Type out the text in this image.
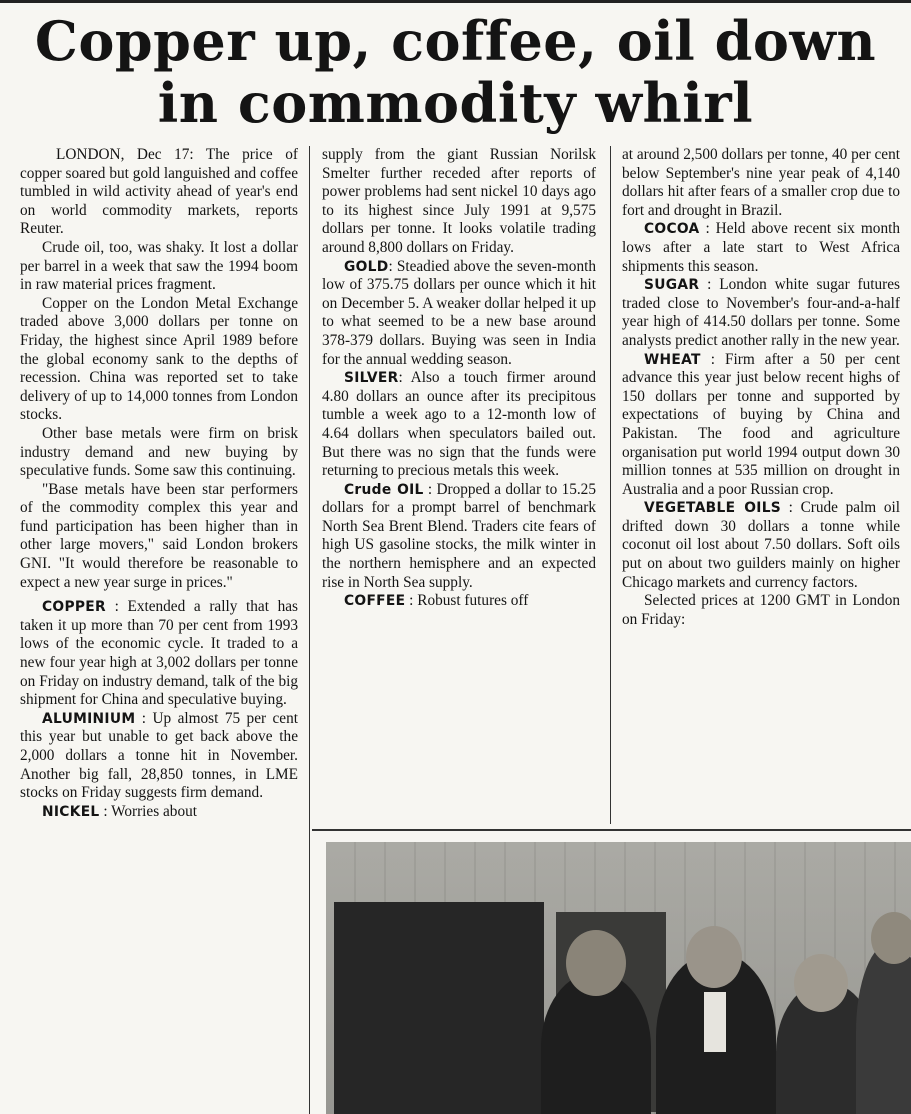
Copper up, coffee, oil down
in commodity whirl

LONDON, Dec 17: The price of copper soared but gold languished and coffee tumbled in wild activity ahead of year's end on world commodity markets, reports Reuter.

Crude oil, too, was shaky. It lost a dollar per barrel in a week that saw the 1994 boom in raw material prices fragment.

Copper on the London Metal Exchange traded above 3,000 dollars per tonne on Friday, the highest since April 1989 before the global economy sank to the depths of recession. China was reported set to take delivery of up to 14,000 tonnes from London stocks.

Other base metals were firm on brisk industry demand and new buying by speculative funds. Some saw this continuing.

"Base metals have been star performers of the commodity complex this year and fund participation has been higher than in other large movers," said London brokers GNI. "It would therefore be reasonable to expect a new year surge in prices."

COPPER : Extended a rally that has taken it up more than 70 per cent from 1993 lows of the economic cycle. It traded to a new four year high at 3,002 dollars per tonne on Friday on industry demand, talk of the big shipment for China and speculative buying.

ALUMINIUM : Up almost 75 per cent this year but unable to get back above the 2,000 dollars a tonne hit in November. Another big fall, 28,850 tonnes, in LME stocks on Friday suggests firm demand.

NICKEL : Worries about

supply from the giant Russian Norilsk Smelter further receded after reports of power problems had sent nickel 10 days ago to its highest since July 1991 at 9,575 dollars per tonne. It looks volatile trading around 8,800 dollars on Friday.

GOLD: Steadied above the seven-month low of 375.75 dollars per ounce which it hit on December 5. A weaker dollar helped it up to what seemed to be a new base around 378-379 dollars. Buying was seen in India for the annual wedding season.

SILVER: Also a touch firmer around 4.80 dollars an ounce after its precipitous tumble a week ago to a 12-month low of 4.64 dollars when speculators bailed out. But there was no sign that the funds were returning to precious metals this week.

Crude OIL : Dropped a dollar to 15.25 dollars for a prompt barrel of benchmark North Sea Brent Blend. Traders cite fears of high US gasoline stocks, the milk winter in the northern hemisphere and an expected rise in North Sea supply.

COFFEE : Robust futures off

at around 2,500 dollars per tonne, 40 per cent below September's nine year peak of 4,140 dollars hit after fears of a smaller crop due to fort and drought in Brazil.

COCOA : Held above recent six month lows after a late start to West Africa shipments this season.

SUGAR : London white sugar futures traded close to November's four-and-a-half year high of 414.50 dollars per tonne. Some analysts predict another rally in the new year.

WHEAT : Firm after a 50 per cent advance this year just below recent highs of 150 dollars per tonne and supported by expectations of buying by China and Pakistan. The food and agriculture organisation put world 1994 output down 30 million tonnes at 535 million on drought in Australia and a poor Russian crop.

VEGETABLE OILS : Crude palm oil drifted down 30 dollars a tonne while coconut oil lost about 7.50 dollars. Soft oils put on about two guilders mainly on higher Chicago markets and currency factors.

Selected prices at 1200 GMT in London on Friday:
